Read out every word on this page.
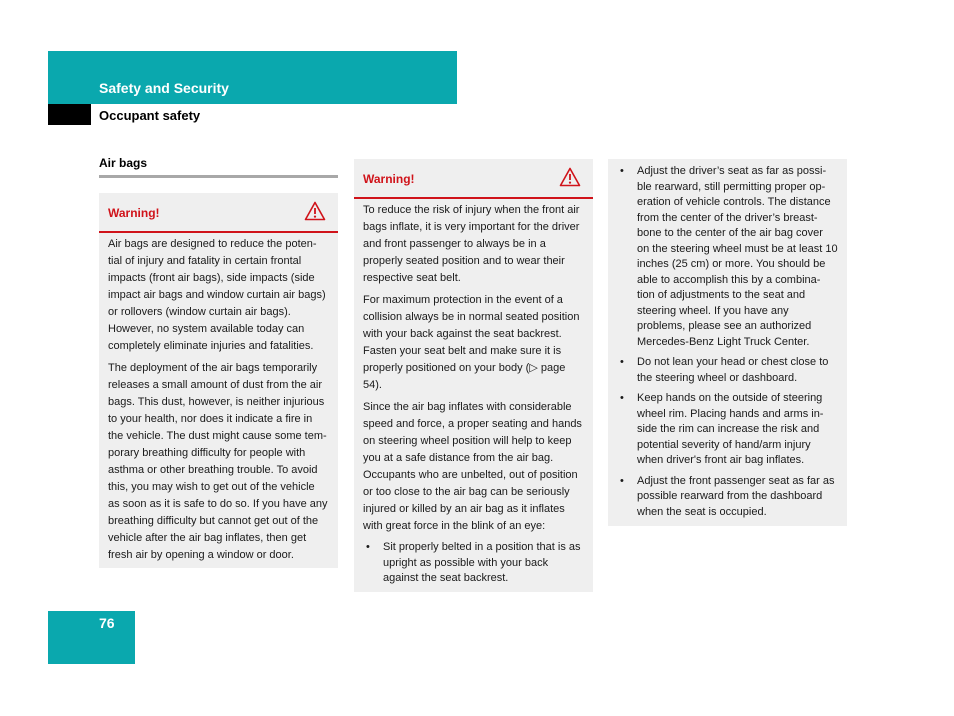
Safety and Security
Occupant safety
Air bags
Warning!

Air bags are designed to reduce the poten-tial of injury and fatality in certain frontal impacts (front air bags), side impacts (side impact air bags and window curtain air bags) or rollovers (window curtain air bags). However, no system available today can completely eliminate injuries and fatalities.

The deployment of the air bags temporarily releases a small amount of dust from the air bags. This dust, however, is neither injurious to your health, nor does it indicate a fire in the vehicle. The dust might cause some tem-porary breathing difficulty for people with asthma or other breathing trouble. To avoid this, you may wish to get out of the vehicle as soon as it is safe to do so. If you have any breathing difficulty but cannot get out of the vehicle after the air bag inflates, then get fresh air by opening a window or door.

Warning!

To reduce the risk of injury when the front air bags inflate, it is very important for the driver and front passenger to always be in a properly seated position and to wear their respective seat belt.

For maximum protection in the event of a collision always be in normal seated position with your back against the seat backrest. Fasten your seat belt and make sure it is properly positioned on your body (▷ page 54).

Since the air bag inflates with considerable speed and force, a proper seating and hands on steering wheel position will help to keep you at a safe distance from the air bag. Occupants who are unbelted, out of position or too close to the air bag can be seriously injured or killed by an air bag as it inflates with great force in the blink of an eye:

• Sit properly belted in a position that is as upright as possible with your back against the seat backrest.
• Adjust the driver’s seat as far as possi-ble rearward, still permitting proper op-eration of vehicle controls. The distance from the center of the driver’s breast-bone to the center of the air bag cover on the steering wheel must be at least 10 inches (25 cm) or more. You should be able to accomplish this by a combina-tion of adjustments to the seat and steering wheel. If you have any problems, please see an authorized Mercedes-Benz Light Truck Center.
• Do not lean your head or chest close to the steering wheel or dashboard.
• Keep hands on the outside of steering wheel rim. Placing hands and arms in-side the rim can increase the risk and potential severity of hand/arm injury when driver's front air bag inflates.
• Adjust the front passenger seat as far as possible rearward from the dashboard when the seat is occupied.
76
